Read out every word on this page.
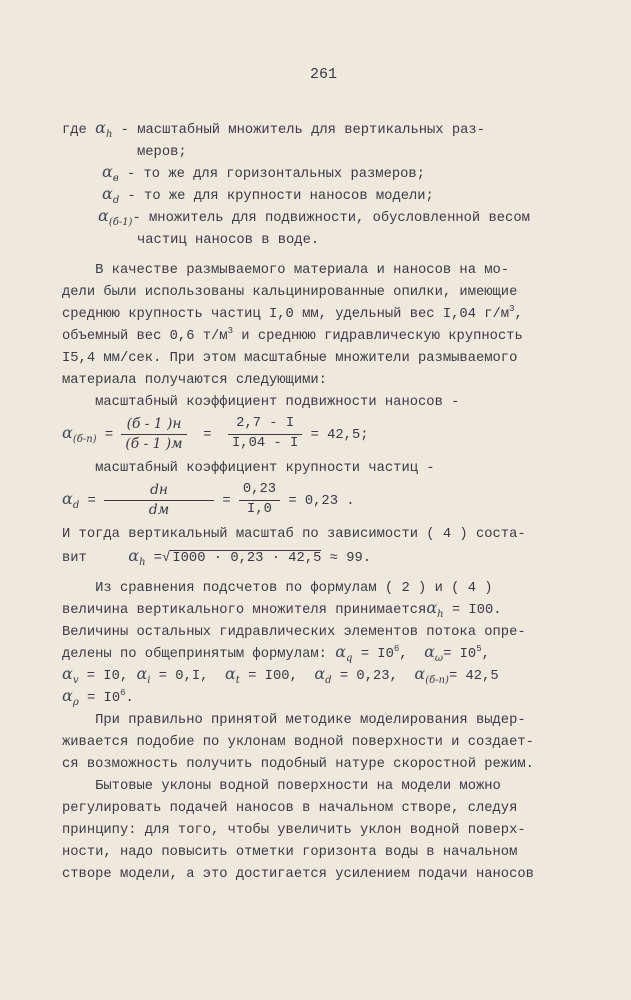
261
где $\alpha_h$ - масштабный множитель для вертикальных раз-
меров;
$\alpha_в$ - то же для горизонтальных размеров;
$\alpha_d$ - то же для крупности наносов модели;
$\alpha_{(б-1)}-$ множитель для подвижности, обусловленной весом
частиц наносов в воде.
В качестве размываемого материала и наносов на мо-
дели были использованы кальцинированные опилки, имеющие
среднюю крупность частиц I,0 мм, удельный вес I,04 $г/м^3$,
объемный вес 0,6 $т/м^3$ и среднюю гидравлическую крупность
I5,4 мм/сек. При этом масштабные множители размываемого
материала получаются следующими:
масштабный коэффициент подвижности наносов -
$\alpha_{(б-п)} = \frac{(б - 1 )н}{(б - 1 )м} = \frac{2,7 - I}{I,04 - I} = 42,5$;
масштабный коэффициент крупности частиц -
$\alpha_d = \frac{dн}{dм} = \frac{0,23}{I,0} = 0,23$ .
И тогда вертикальный масштаб по зависимости ( 4 ) соста-
вит	$\alpha_h$ =√ I000 · 0,23 · 42,5 ≈ 99.
Из сравнения подсчетов по формулам ( 2 ) и ( 4 )
величина вертикального множителя принимаетсяα$_h$ = I00.
Величины остальных гидравлических элементов потока опре-
делены по общепринятым формулам: $\alpha_q = I0^6$,  $\alpha_\omega= I0^5$,
$\alpha_v = I0$, $\alpha_i = 0,I$, $\alpha_t = I00$, $\alpha_d = 0,23$, $\alpha_{(б-п)}= 42,5$
$\alpha_\rho = I0^6$.
При правильно принятой методике моделирования выдер-
живается подобие по уклонам водной поверхности и создает-
ся возможность получить подобный натуре скоростной режим.
Бытовые уклоны водной поверхности на модели можно
регулировать подачей наносов в начальном створе, следуя
принципу: для того, чтобы увеличить уклон водной поверх-
ности, надо повысить отметки горизонта воды в начальном
створе модели, а это достигается усилением подачи наносов
